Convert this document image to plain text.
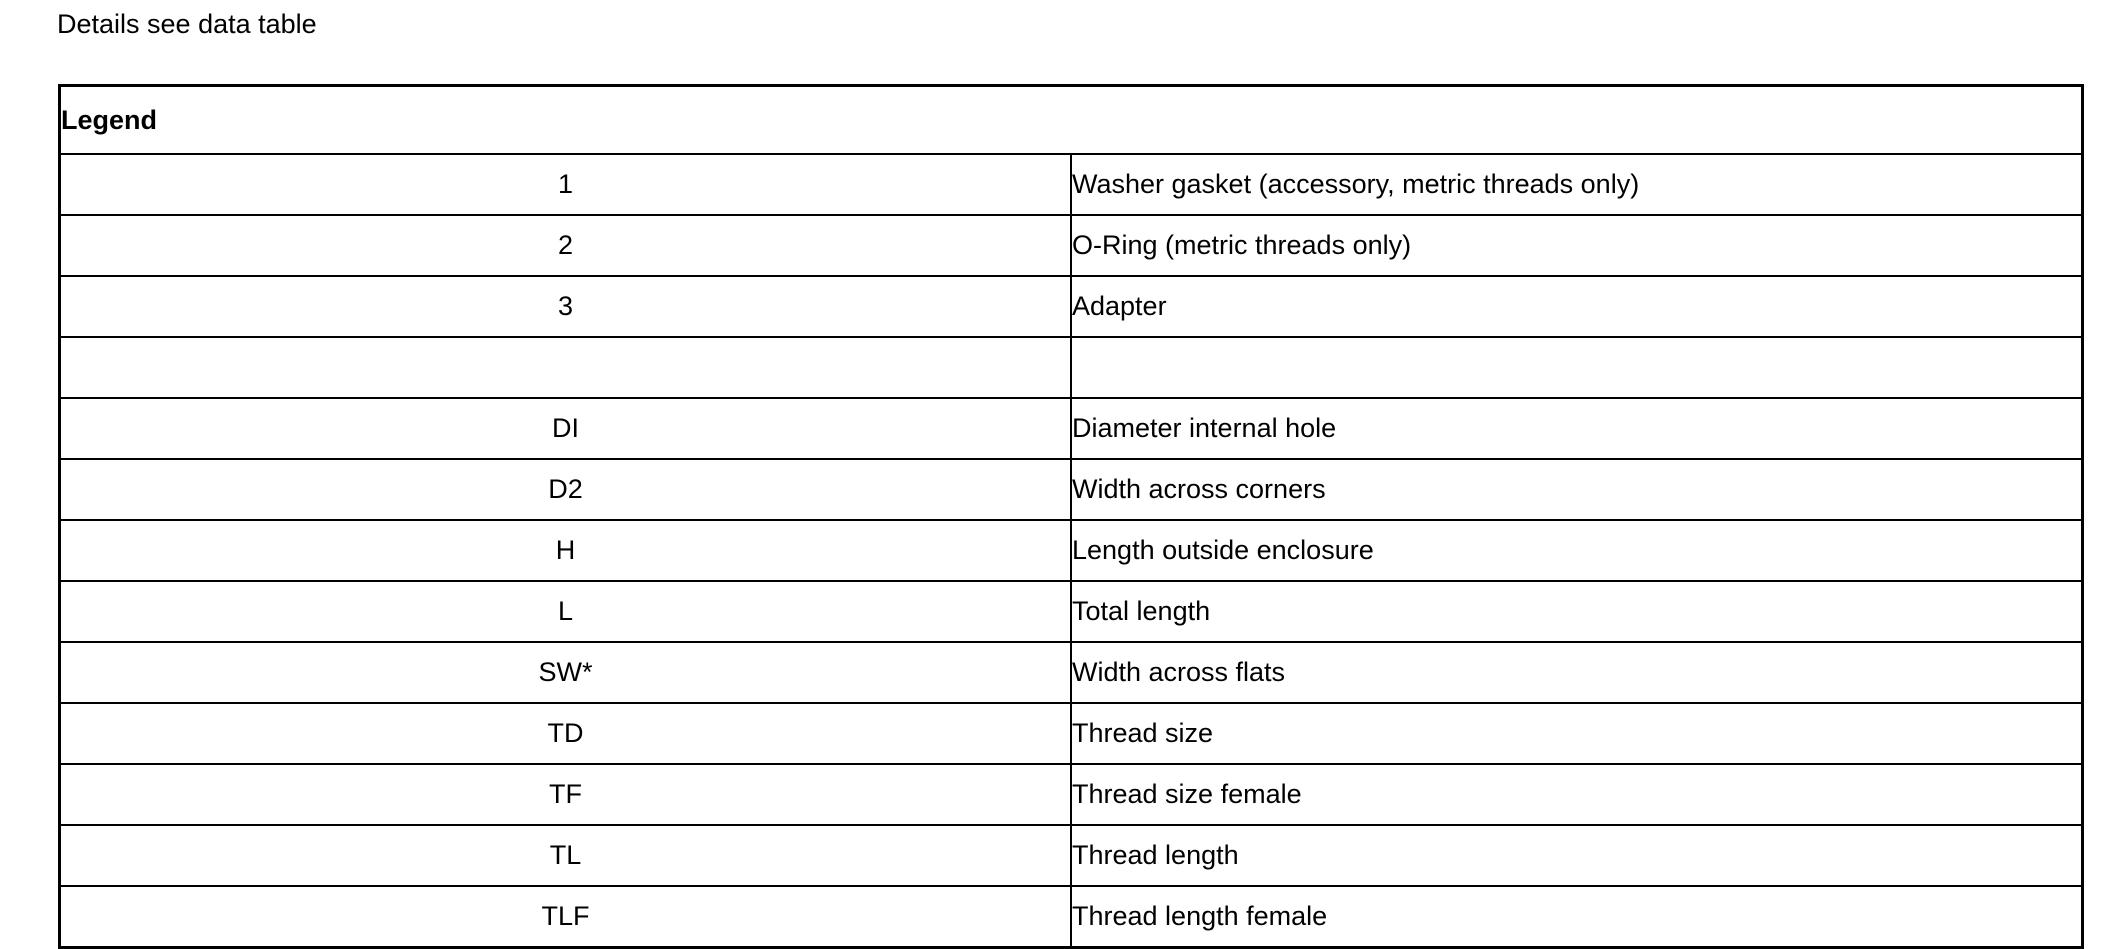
Details see data table
Legend	
1	Washer gasket (accessory, metric threads only)
2	O-Ring (metric threads only)
3	Adapter

DI	Diameter internal hole
D2	Width across corners
H	Length outside enclosure
L	Total length
SW*	Width across flats
TD	Thread size
TF	Thread size female
TL	Thread length
TLF	Thread length female
